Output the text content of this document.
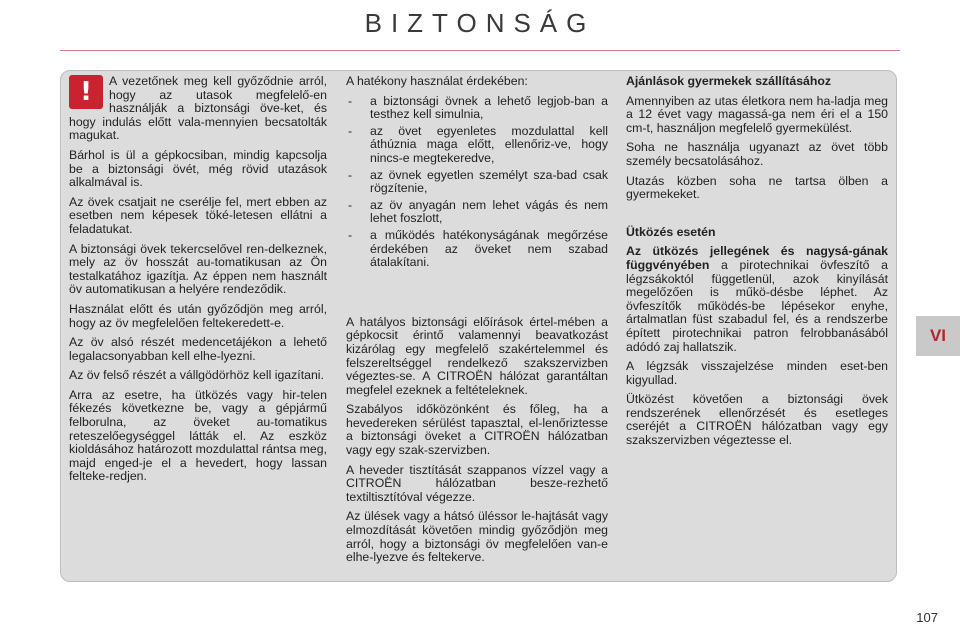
BIZTONSÁG
!	A vezetőnek meg kell győződnie arról, hogy az utasok megfelelő-en használják a biztonsági öve-ket, és hogy indulás előtt vala-mennyien becsatolták magukat.

Bárhol is ül a gépkocsiban, mindig kapcsolja be a biztonsági övét, még rövid utazások alkalmával is.

Az övek csatjait ne cserélje fel, mert ebben az esetben nem képesek töké-letesen ellátni a feladatukat.

A biztonsági övek tekercselővel ren-delkeznek, mely az öv hosszát au-tomatikusan az Ön testalkatához igazítja. Az éppen nem használt öv automatikusan a helyére rendeződik.

Használat előtt és után győződjön meg arról, hogy az öv megfelelően feltekeredett-e.

Az öv alsó részét medencetájékon a lehető legalacsonyabban kell elhe-lyezni.

Az öv felső részét a vállgödörhöz kell igazítani.

Arra az esetre, ha ütközés vagy hir-telen fékezés következne be, vagy a gépjármű felborulna, az öveket au-tomatikus reteszelőegységgel látták el. Az eszköz kioldásához határozott mozdulattal rántsa meg, majd enged-je el a hevedert, hogy lassan felteke-redjen.

A hatékony használat érdekében:

- a biztonsági övnek a lehető legjob-ban a testhez kell simulnia,
- az övet egyenletes mozdulattal kell áthúznia maga előtt, ellenőriz-ve, hogy nincs-e megtekeredve,
- az övnek egyetlen személyt sza-bad csak rögzítenie,
- az öv anyagán nem lehet vágás és nem lehet foszlott,
- a működés hatékonyságának megőrzése érdekében az öveket nem szabad átalakítani.

A hatályos biztonsági előírások értel-mében a gépkocsit érintő valamennyi beavatkozást kizárólag egy megfelelő szakértelemmel és felszereltséggel rendelkező szakszervizben végeztes-se. A CITROËN hálózat garantáltan megfelel ezeknek a feltételeknek.

Szabályos időközönként és főleg, ha a hevedereken sérülést tapasztal, el-lenőriztesse a biztonsági öveket a CITROËN hálózatban vagy egy szak-szervizben.

A heveder tisztítását szappanos vízzel vagy a CITROËN hálózatban besze-rezhető textiltisztítóval végezze.

Az ülések vagy a hátsó üléssor le-hajtását vagy elmozdítását követően mindig győződjön meg arról, hogy a biztonsági öv megfelelően van-e elhe-lyezve és feltekerve.

Ajánlások gyermekek szállításához

Amennyiben az utas életkora nem ha-ladja meg a 12 évet vagy magassá-ga nem éri el a 150 cm-t, használjon megfelelő gyermekülést.

Soha ne használja ugyanazt az övet több személy becsatolásához.

Utazás közben soha ne tartsa ölben a gyermekeket.

Ütközés esetén

Az ütközés jellegének és nagysá-gának függvényében a pirotechnikai övfeszítő a légzsákoktól függetlenül, azok kinyílását megelőzően is műkö-désbe léphet. Az övfeszítők működés-be lépésekor enyhe, ártalmatlan füst szabadul fel, és a rendszerbe épített pirotechnikai patron felrobbanásából adódó zaj hallatszik.

A légzsák visszajelzése minden eset-ben kigyullad.

Ütközést követően a biztonsági övek rendszerének ellenőrzését és esetleges cseréjét a CITROËN hálózatban vagy egy szakszervizben végeztesse el.

VI
107
